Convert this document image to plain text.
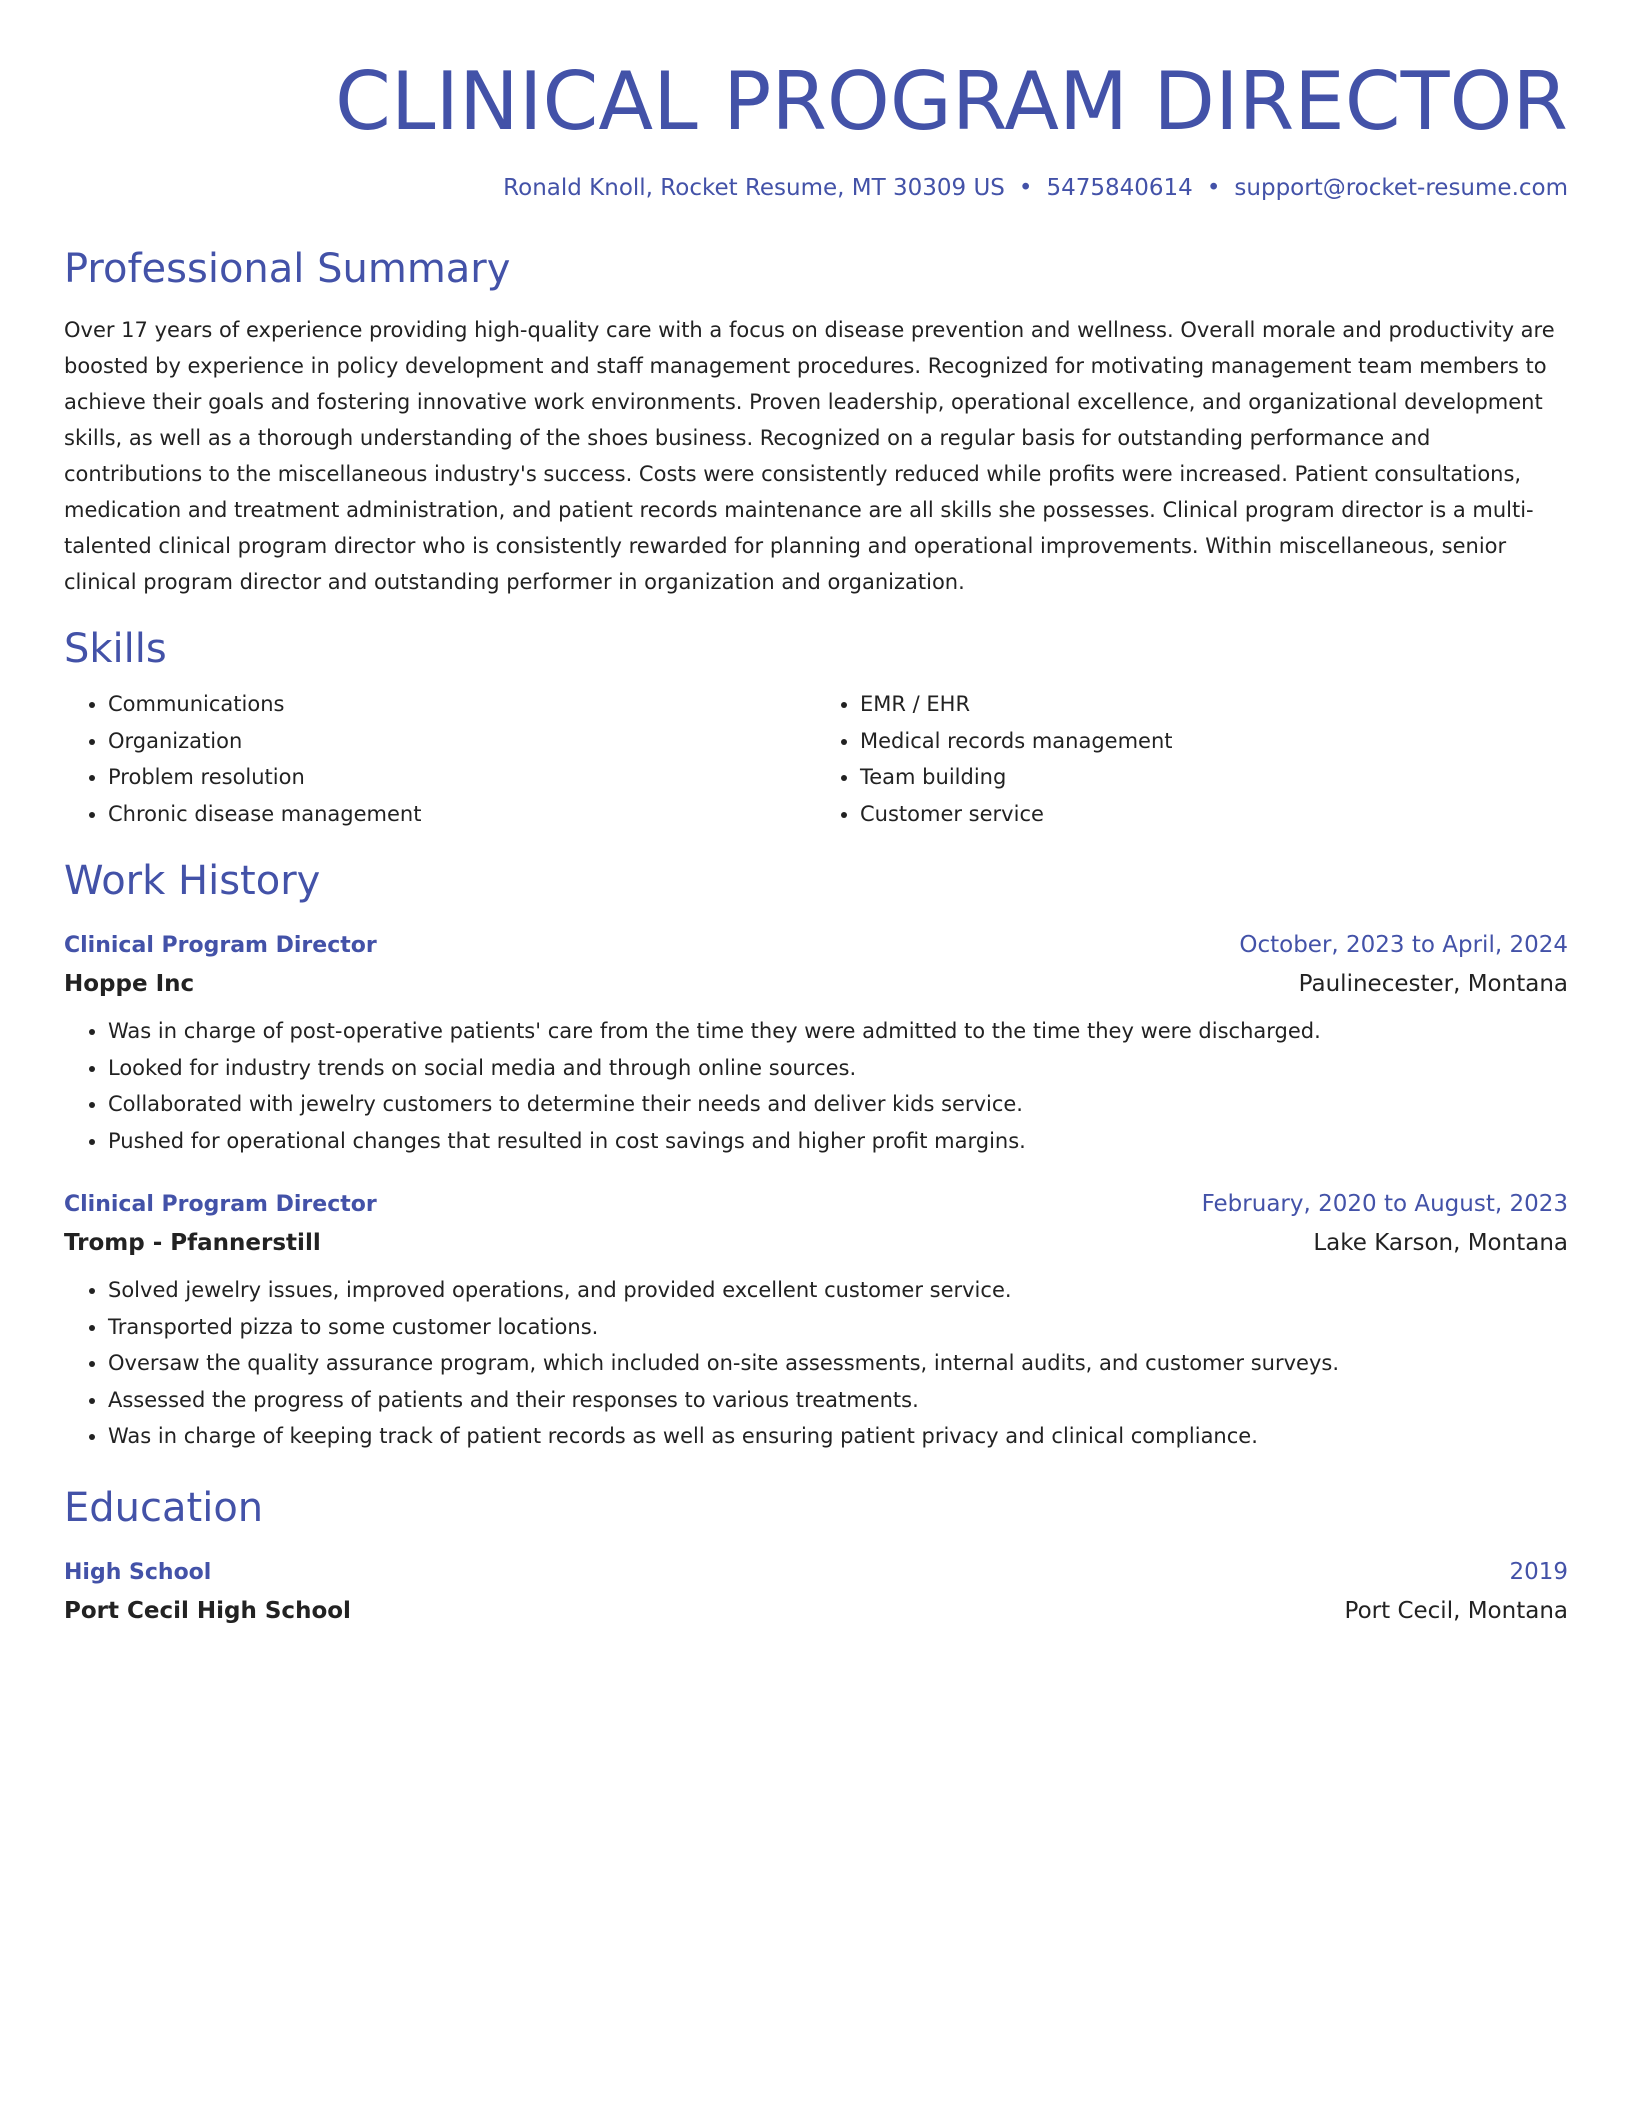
CLINICAL PROGRAM DIRECTOR
Ronald Knoll, Rocket Resume, MT 30309 US • 5475840614 • support@rocket-resume.com
Professional Summary

Over 17 years of experience providing high-quality care with a focus on disease prevention and wellness. Overall morale and productivity are boosted by experience in policy development and staff management procedures. Recognized for motivating management team members to achieve their goals and fostering innovative work environments. Proven leadership, operational excellence, and organizational development skills, as well as a thorough understanding of the shoes business. Recognized on a regular basis for outstanding performance and contributions to the miscellaneous industry's success. Costs were consistently reduced while profits were increased. Patient consultations, medication and treatment administration, and patient records maintenance are all skills she possesses. Clinical program director is a multi-talented clinical program director who is consistently rewarded for planning and operational improvements. Within miscellaneous, senior clinical program director and outstanding performer in organization and organization.

Skills
• Communications
• Organization
• Problem resolution
• Chronic disease management
• EMR / EHR
• Medical records management
• Team building
• Customer service
Work History
Clinical Program Director	October, 2023 to April, 2024
Hoppe Inc	Paulinecester, Montana
• Was in charge of post-operative patients' care from the time they were admitted to the time they were discharged.
• Looked for industry trends on social media and through online sources.
• Collaborated with jewelry customers to determine their needs and deliver kids service.
• Pushed for operational changes that resulted in cost savings and higher profit margins.
Clinical Program Director	February, 2020 to August, 2023
Tromp - Pfannerstill	Lake Karson, Montana
• Solved jewelry issues, improved operations, and provided excellent customer service.
• Transported pizza to some customer locations.
• Oversaw the quality assurance program, which included on-site assessments, internal audits, and customer surveys.
• Assessed the progress of patients and their responses to various treatments.
• Was in charge of keeping track of patient records as well as ensuring patient privacy and clinical compliance.
Education
High School	2019
Port Cecil High School	Port Cecil, Montana
